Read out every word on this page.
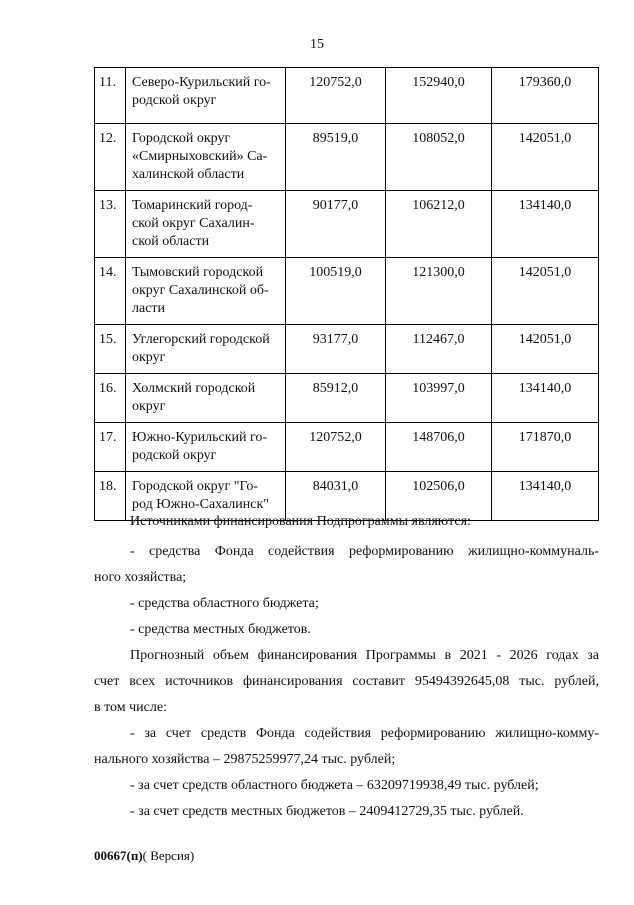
15
11.	Северо-Курильский го-
родской округ	120752,0	152940,0	179360,0
12.	Городской округ
«Смирныховский» Са-
халинской области	89519,0	108052,0	142051,0
13.	Томаринский город-
ской округ Сахалин-
ской области	90177,0	106212,0	134140,0
14.	Тымовский городской
округ Сахалинской об-
ласти	100519,0	121300,0	142051,0
15.	Углегорский городской
округ	93177,0	112467,0	142051,0
16.	Холмский городской
округ	85912,0	103997,0	134140,0
17.	Южно-Курильский го-
родской округ	120752,0	148706,0	171870,0
18.	Городской округ "Го-
род Южно-Сахалинск"	84031,0	102506,0	134140,0
Источниками финансирования Подпрограммы являются:
- средства Фонда содействия реформированию жилищно-коммуналь-
ного хозяйства;
- средства областного бюджета;
- средства местных бюджетов.
Прогнозный объем финансирования Программы в 2021 - 2026 годах за
счет всех источников финансирования составит 95494392645,08 тыс. рублей,
в том числе:
- за счет средств Фонда содействия реформированию жилищно-комму-
нального хозяйства – 29875259977,24 тыс. рублей;
- за счет средств областного бюджета – 63209719938,49 тыс. рублей;
- за счет средств местных бюджетов – 2409412729,35 тыс. рублей.
00667(п)( Версия)
